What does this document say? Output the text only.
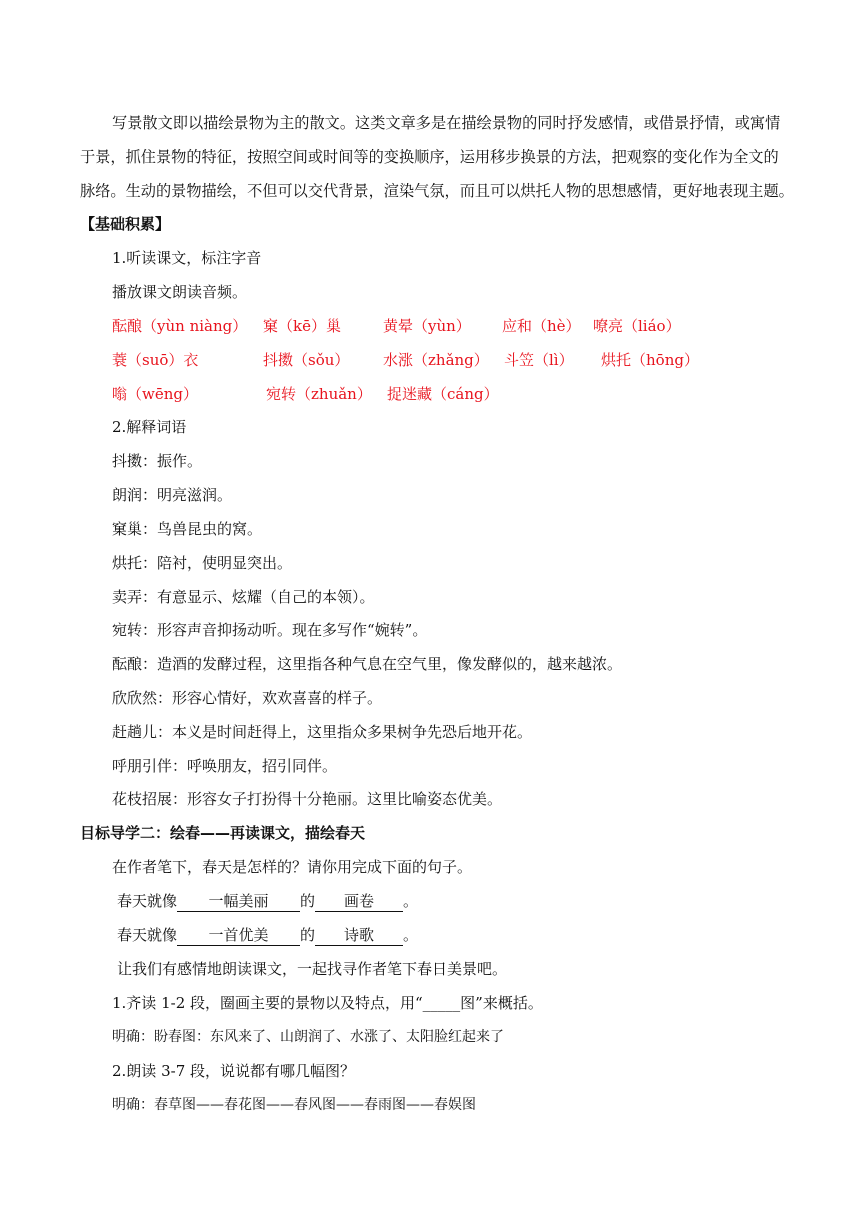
写景散文即以描绘景物为主的散文。这类文章多是在描绘景物的同时抒发感情，或借景抒情，或寓情
于景，抓住景物的特征，按照空间或时间等的变换顺序，运用移步换景的方法，把观察的变化作为全文的
脉络。生动的景物描绘，不但可以交代背景，渲染气氛，而且可以烘托人物的思想感情，更好地表现主题。
【基础积累】
1.听读课文，标注字音
播放课文朗读音频。
酝酿（yùn niàng） 窠（kē）巢	黄晕（yùn） 应和（hè） 嘹亮（liáo）
蓑（suō）衣	抖擞（sǒu） 水涨（zhǎng） 斗笠（lì） 烘托（hōng）
嗡（wēng）	宛转（zhuǎn） 捉迷藏（cáng）
2.解释词语
抖擞：振作。
朗润：明亮滋润。
窠巢：鸟兽昆虫的窝。
烘托：陪衬，使明显突出。
卖弄：有意显示、炫耀（自己的本领）。
宛转：形容声音抑扬动听。现在多写作“婉转”。
酝酿：造酒的发酵过程，这里指各种气息在空气里，像发酵似的，越来越浓。
欣欣然：形容心情好，欢欢喜喜的样子。
赶趟儿：本义是时间赶得上，这里指众多果树争先恐后地开花。
呼朋引伴：呼唤朋友，招引同伴。
花枝招展：形容女子打扮得十分艳丽。这里比喻姿态优美。
目标导学二：绘春——再读课文，描绘春天
在作者笔下，春天是怎样的？请你用完成下面的句子。
春天就像 一幅美丽 的 画卷 。
春天就像 一首优美 的 诗歌 。
让我们有感情地朗读课文，一起找寻作者笔下春日美景吧。
1.齐读 1-2 段，圈画主要的景物以及特点，用“_____图”来概括。
明确：盼春图：东风来了、山朗润了、水涨了、太阳脸红起来了
2.朗读 3-7 段，说说都有哪几幅图？
明确：春草图——春花图——春风图——春雨图——春娱图
